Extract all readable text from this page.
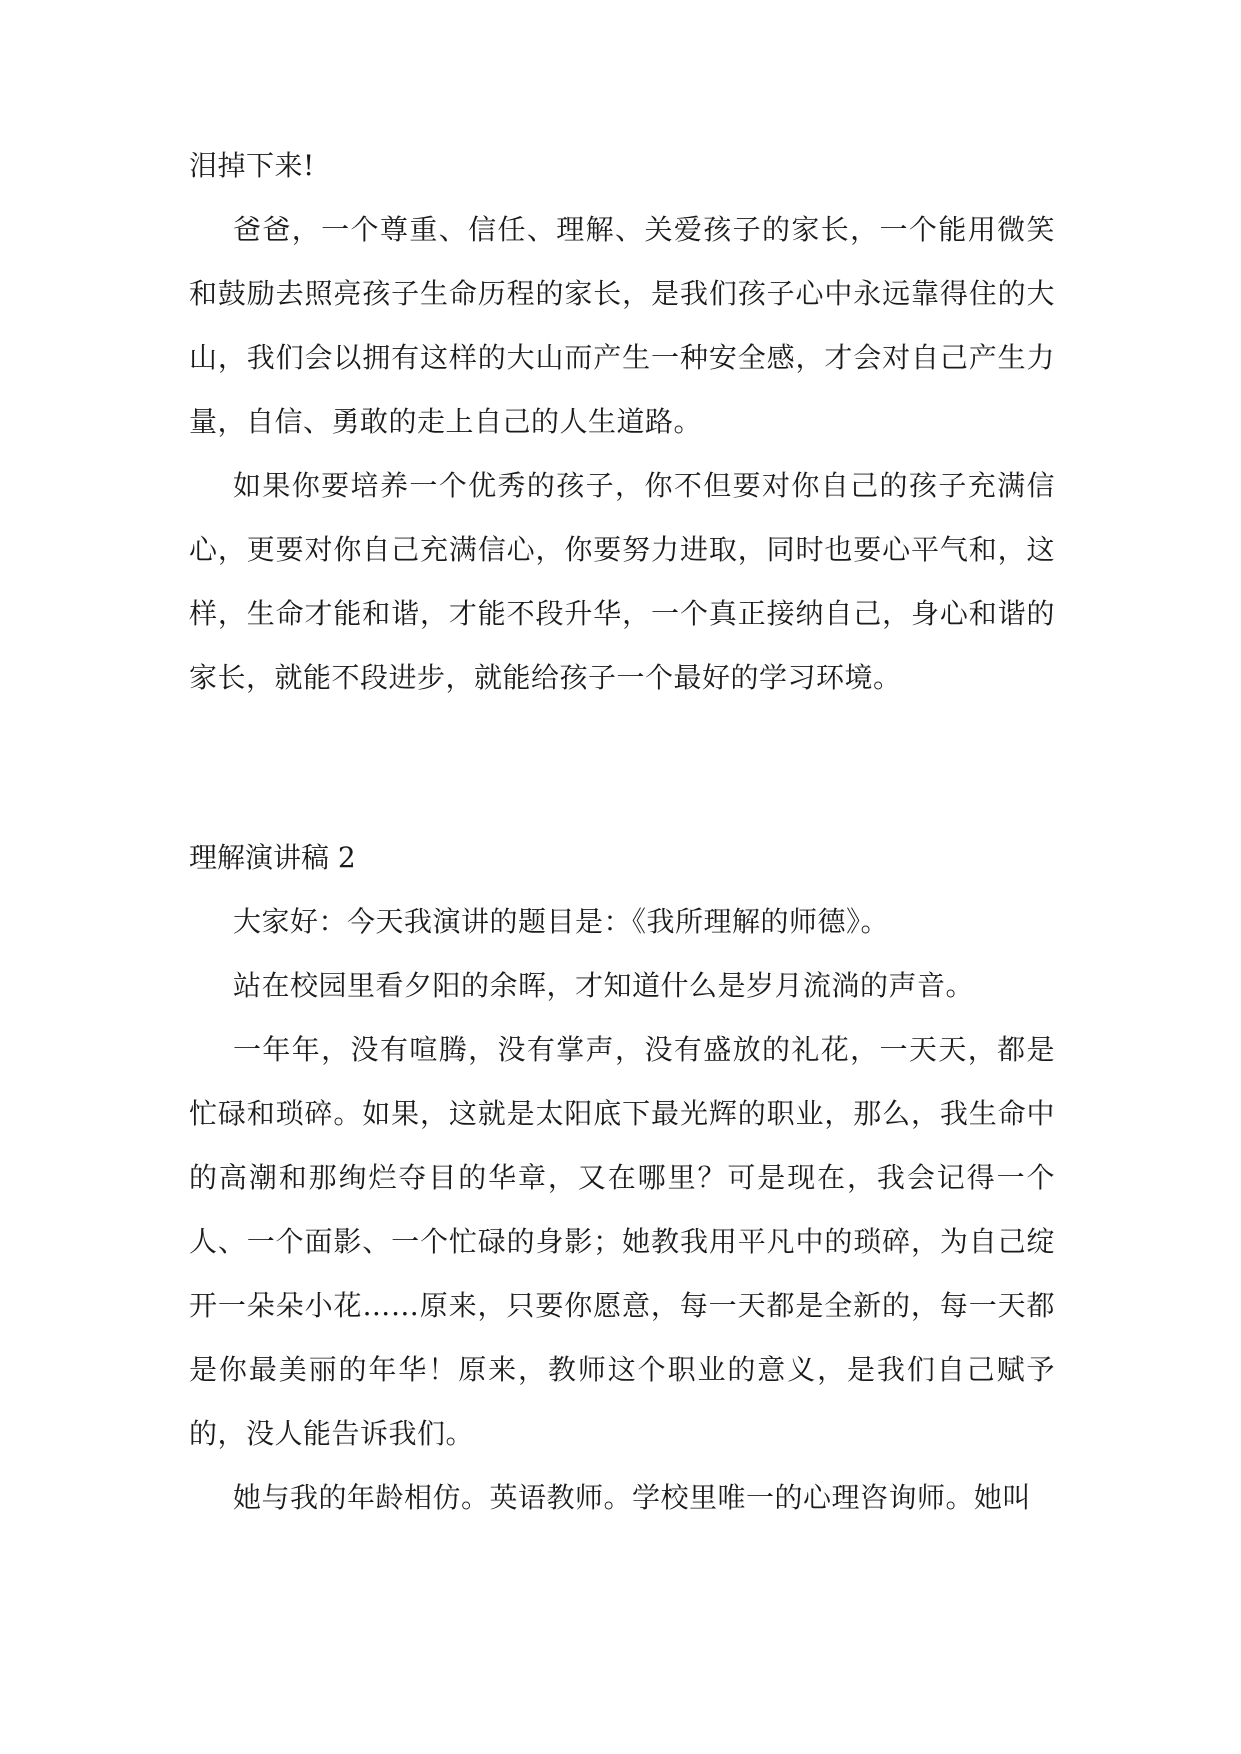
泪掉下来!

爸爸，一个尊重、信任、理解、关爱孩子的家长，一个能用微笑和鼓励去照亮孩子生命历程的家长，是我们孩子心中永远靠得住的大山，我们会以拥有这样的大山而产生一种安全感，才会对自己产生力量，自信、勇敢的走上自己的人生道路。

如果你要培养一个优秀的孩子，你不但要对你自己的孩子充满信心，更要对你自己充满信心，你要努力进取，同时也要心平气和，这样，生命才能和谐，才能不段升华，一个真正接纳自己，身心和谐的家长，就能不段进步，就能给孩子一个最好的学习环境。

理解演讲稿 2

大家好：今天我演讲的题目是：《我所理解的师德》。

站在校园里看夕阳的余晖，才知道什么是岁月流淌的声音。

一年年，没有喧腾，没有掌声，没有盛放的礼花，一天天，都是忙碌和琐碎。如果，这就是太阳底下最光辉的职业，那么，我生命中的高潮和那绚烂夺目的华章，又在哪里？可是现在，我会记得一个人、一个面影、一个忙碌的身影；她教我用平凡中的琐碎，为自己绽开一朵朵小花……原来，只要你愿意，每一天都是全新的，每一天都是你最美丽的年华！原来，教师这个职业的意义，是我们自己赋予的，没人能告诉我们。

她与我的年龄相仿。英语教师。学校里唯一的心理咨询师。她叫
